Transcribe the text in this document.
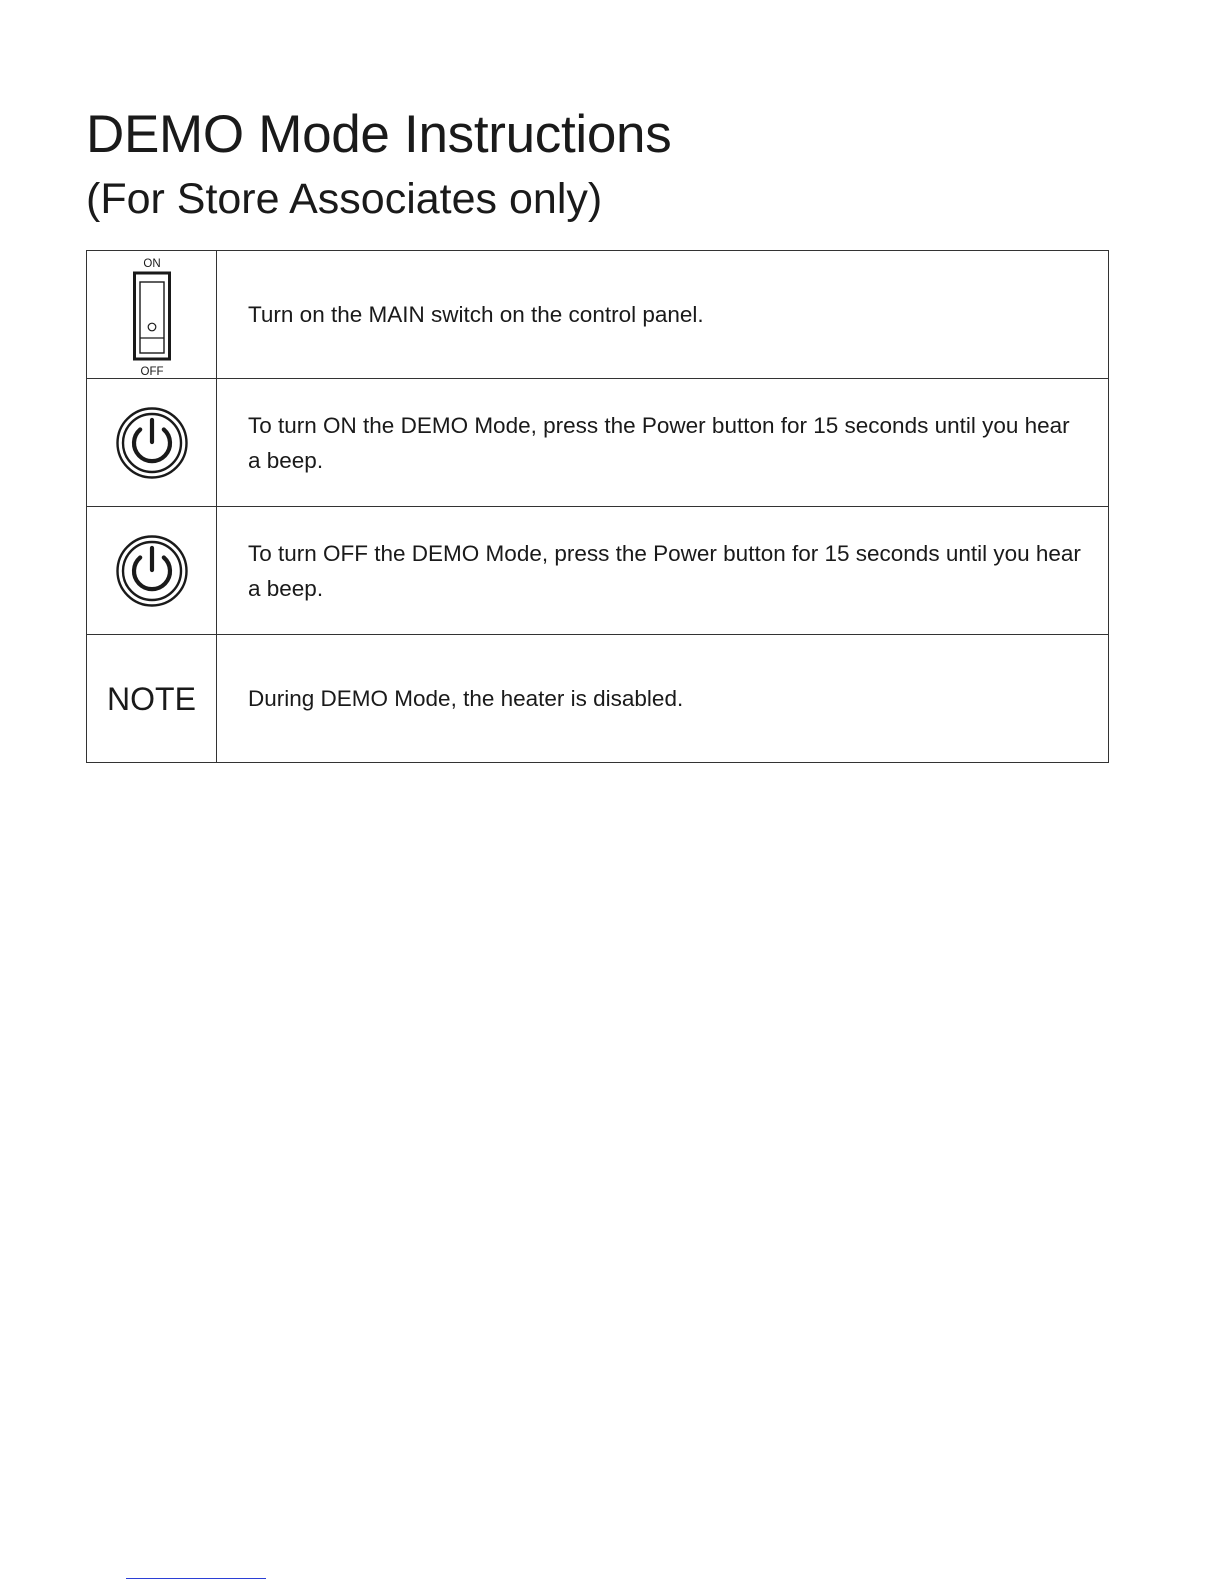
DEMO Mode Instructions
(For Store Associates only)
ON
OFF	Turn on the MAIN switch on the control panel.

	To turn ON the DEMO Mode, press the Power button for 15 seconds until you hear a beep.

	To turn OFF the DEMO Mode, press the Power button for 15 seconds until you hear a beep.

NOTE	During DEMO Mode, the heater is disabled.
